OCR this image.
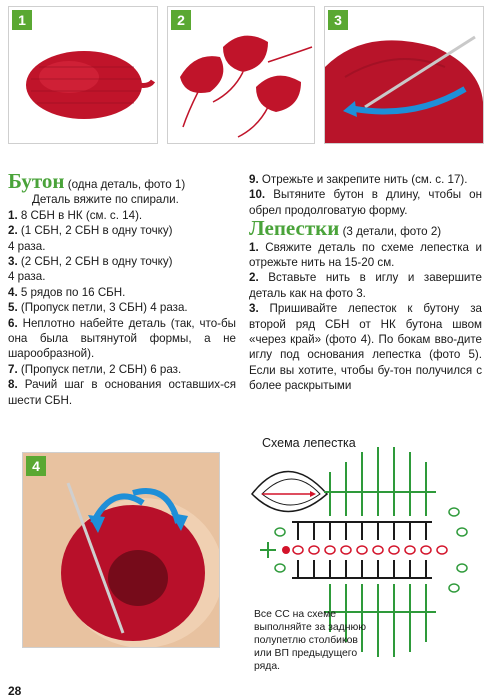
1	2	3

Бутон (одна деталь, фото 1)

Деталь вяжите по спирали.

1. 8 СБН в НК (см. с. 14).

2. (1 СБН, 2 СБН в одну точку)

4 раза.

3. (2 СБН, 2 СБН в одну точку)

4 раза.

4. 5 рядов по 16 СБН.

5. (Пропуск петли, 3 СБН) 4 раза.

6. Неплотно набейте деталь (так, что-бы она была вытянутой формы, а не шарообразной).

7. (Пропуск петли, 2 СБН) 6 раз.

8. Рачий шаг в основания оставших-ся шести СБН.

9. Отрежьте и закрепите нить (см. с. 17).

10. Вытяните бутон в длину, чтобы он обрел продолговатую форму.

Лепестки (3 детали, фото 2)

1. Свяжите деталь по схеме лепестка и отрежьте нить на 15-20 см.

2. Вставьте нить в иглу и завершите деталь как на фото 3.

3. Пришивайте лепесток к бутону за второй ряд СБН от НК бутона швом «через край» (фото 4). По бокам вво-дите иглу под основания лепестка (фото 5). Если вы хотите, чтобы бу-тон получился с более раскрытыми

4
Схема лепестка
Все СС на схеме выполняйте за заднюю полупетлю столбиков или ВП предыдущего ряда.
28
